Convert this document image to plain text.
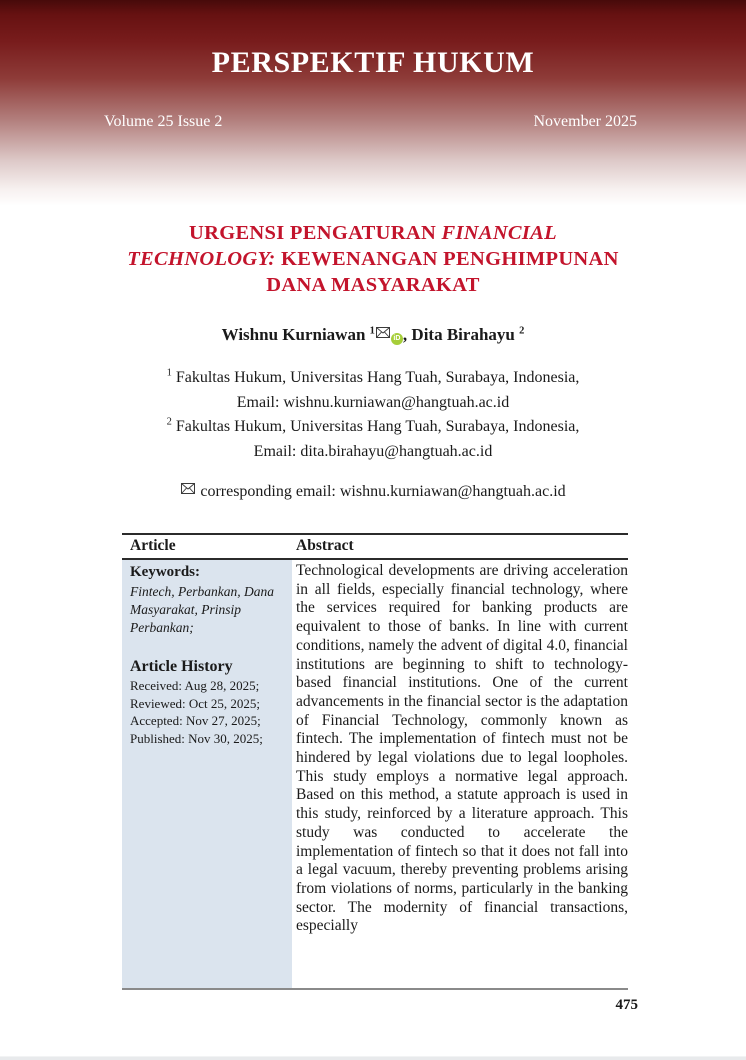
PERSPEKTIF HUKUM
Volume 25 Issue 2	November 2025
URGENSI PENGATURAN FINANCIAL
TECHNOLOGY: KEWENANGAN PENGHIMPUNAN
DANA MASYARAKAT
Wishnu Kurniawan $^1$iD , Dita Birahayu $^2$
$^1$ Fakultas Hukum, Universitas Hang Tuah, Surabaya, Indonesia,
Email: wishnu.kurniawan@hangtuah.ac.id
$^2$ Fakultas Hukum, Universitas Hang Tuah, Surabaya, Indonesia,
Email: dita.birahayu@hangtuah.ac.id
corresponding email: wishnu.kurniawan@hangtuah.ac.id
Article	Abstract
Keywords:
Fintech, Perbankan, Dana
Masyarakat, Prinsip Perbankan;
Article History
Received: Aug 28, 2025;
Reviewed: Oct 25, 2025;
Accepted: Nov 27, 2025;
Published: Nov 30, 2025;
Technological developments are driving acceleration in all fields, especially financial technology, where the services required for banking products are equivalent to those of banks. In line with current conditions, namely the advent of digital 4.0, financial institutions are beginning to shift to technology-based financial institutions. One of the current advancements in the financial sector is the adaptation of Financial Technology, commonly known as fintech. The implementation of fintech must not be hindered by legal violations due to legal loopholes. This study employs a normative legal approach. Based on this method, a statute approach is used in this study, reinforced by a literature approach. This study was conducted to accelerate the implementation of fintech so that it does not fall into a legal vacuum, thereby preventing problems arising from violations of norms, particularly in the banking sector. The modernity of financial transactions, especially
475
